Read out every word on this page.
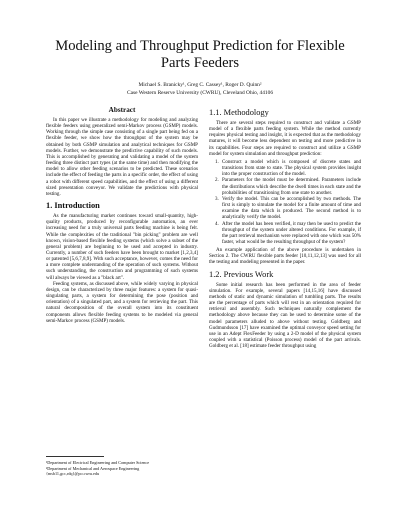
Modeling and Throughput Prediction for Flexible Parts Feeders
Michael S. Branicky¹, Greg C. Cassey¹, Roger D. Quinn²
Case Western Reserve University (CWRU), Cleveland Ohio, 44106
Abstract

In this paper we illustrate a methodology for modeling and analyzing flexible feeders using generalized semi-Markov process (GSMP) models. Working through the simple case consisting of a single part being fed on a flexible feeder, we show how the throughput of the system may be obtained by both GSMP simulation and analytical techniques for GSMP models. Further, we demonstrate the predictive capability of such models. This is accomplished by generating and validating a model of the system feeding three distinct part types (at the same time) and then modifying the model to allow other feeding scenarios to be predicted. These scenarios include the effect of feeding the parts in a specific order, the effect of using a robot with different speed capabilities, and the effect of using a different sized presentation conveyor. We validate the predictions with physical testing.

1. Introduction

As the manufacturing market continues toward small-quantity, high-quality products, produced by reconfigurable automation, an ever increasing need for a truly universal parts feeding machine is being felt. While the complexities of the traditional "bin picking" problem are well known, vision-based flexible feeding systems (which solve a subset of the general problem) are beginning to be used and accepted in industry. Currently, a number of such feeders have been brought to market [1,2,3,4] or patented [5,6,7,8,9]. With such acceptance, however, comes the need for a more complete understanding of the operation of such systems. Without such understanding, the construction and programming of such systems will always be viewed as a "black art".

Feeding systems, as discussed above, while widely varying in physical design, can be characterized by three major features: a system for quasi-singulating parts, a system for determining the pose (position and orientation) of a singulated part, and a system for retrieving the part. This natural decomposition of the overall system into its constituent components allows flexible feeding systems to be modeled via general semi-Markov process (GSMP) models.

¹Department of Electrical Engineering and Computer Science
²Department of Mechanical and Aerospace Engineering
{msb11,gcc,rdq}@po.cwru.edu
1.1. Methodology

There are several steps required to construct and validate a GSMP model of a flexible parts feeding system. While the method currently requires physical testing and insight, it is expected that as the methodology matures, it will become less dependent on testing and more predictive in its capabilities. Four steps are required to construct and utilize a GSMP model for system simulation and throughput prediction:

1. Construct a model which is composed of discrete states and transitions from state to state. The physical system provides insight into the proper construction of the model.
2. Parameters for the model must be determined. Parameters include the distributions which describe the dwell times in each state and the probabilities of transitioning from one state to another.
3. Verify the model. This can be accomplished by two methods. The first is simply to simulate the model for a finite amount of time and examine the data which is produced. The second method is to analytically verify the model.
4. After the model has been verified, it may then be used to predict the throughput of the system under altered conditions. For example, if the part retrieval mechanism were replaced with one which was 50% faster, what would be the resulting throughput of the system?

An example application of the above procedure is undertaken in Section 2. The CWRU flexible parts feeder [10,11,12,13] was used for all the testing and modeling presented in the paper.

1.2. Previous Work

Some initial research has been performed in the area of feeder simulation. For example, several papers [14,15,16] have discussed methods of static and dynamic simulation of tumbling parts. The results are the percentage of parts which will rest in an orientation required for retrieval and assembly. Such techniques naturally complement the methodology above because they can be used to determine some of the model parameters alluded to above without testing. Goldberg and Gudmundsson [17] have examined the optimal conveyor speed setting for use in an Adept FlexFeeder by using a 2-D model of the physical system coupled with a statistical (Poisson process) model of the part arrivals. Goldberg et al. [18] estimate feeder throughput using
